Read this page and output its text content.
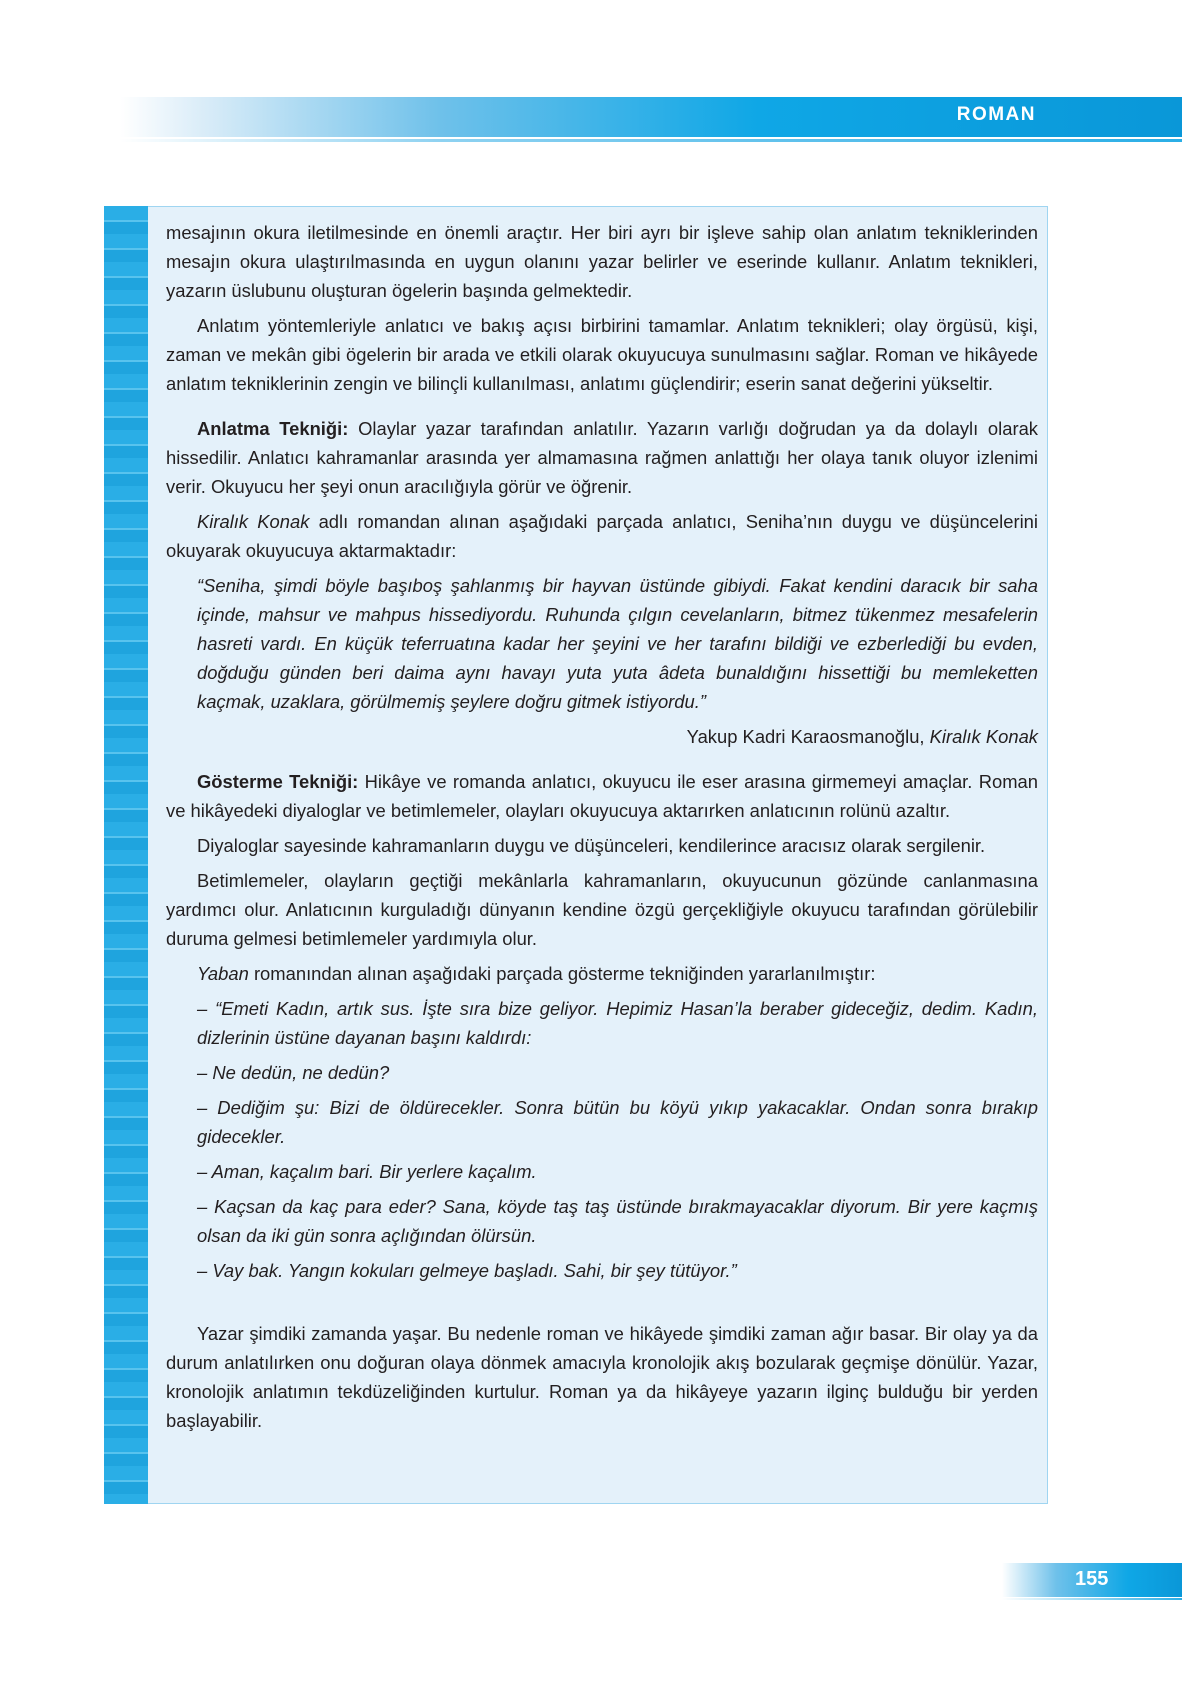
ROMAN

mesajının okura iletilmesinde en önemli araçtır. Her biri ayrı bir işleve sahip olan anlatım tekniklerinden mesajın okura ulaştırılmasında en uygun olanını yazar belirler ve eserinde kullanır. Anlatım teknikleri, yazarın üslubunu oluşturan ögelerin başında gelmektedir.

Anlatım yöntemleriyle anlatıcı ve bakış açısı birbirini tamamlar. Anlatım teknikleri; olay örgüsü, kişi, zaman ve mekân gibi ögelerin bir arada ve etkili olarak okuyucuya sunulmasını sağlar. Roman ve hikâyede anlatım tekniklerinin zengin ve bilinçli kullanılması, anlatımı güçlendirir; eserin sanat değerini yükseltir.

Anlatma Tekniği: Olaylar yazar tarafından anlatılır. Yazarın varlığı doğrudan ya da dolaylı olarak hissedilir. Anlatıcı kahramanlar arasında yer almamasına rağmen anlattığı her olaya tanık oluyor izlenimi verir. Okuyucu her şeyi onun aracılığıyla görür ve öğrenir.

Kiralık Konak adlı romandan alınan aşağıdaki parçada anlatıcı, Seniha’nın duygu ve düşüncelerini okuyarak okuyucuya aktarmaktadır:

“Seniha, şimdi böyle başıboş şahlanmış bir hayvan üstünde gibiydi. Fakat kendini daracık bir saha içinde, mahsur ve mahpus hissediyordu. Ruhunda çılgın cevelanların, bitmez tükenmez mesafelerin hasreti vardı. En küçük teferruatına kadar her şeyini ve her tarafını bildiği ve ezberlediği bu evden, doğduğu günden beri daima aynı havayı yuta yuta âdeta bunaldığını hissettiği bu memleketten kaçmak, uzaklara, görülmemiş şeylere doğru gitmek istiyordu.”

Yakup Kadri Karaosmanoğlu, Kiralık Konak

Gösterme Tekniği: Hikâye ve romanda anlatıcı, okuyucu ile eser arasına girmemeyi amaçlar. Roman ve hikâyedeki diyaloglar ve betimlemeler, olayları okuyucuya aktarırken anlatıcının rolünü azaltır.

Diyaloglar sayesinde kahramanların duygu ve düşünceleri, kendilerince aracısız olarak sergilenir.

Betimlemeler, olayların geçtiği mekânlarla kahramanların, okuyucunun gözünde canlanmasına yardımcı olur. Anlatıcının kurguladığı dünyanın kendine özgü gerçekliğiyle okuyucu tarafından görülebilir duruma gelmesi betimlemeler yardımıyla olur.

Yaban romanından alınan aşağıdaki parçada gösterme tekniğinden yararlanılmıştır:

– “Emeti Kadın, artık sus. İşte sıra bize geliyor. Hepimiz Hasan’la beraber gideceğiz, dedim. Kadın, dizlerinin üstüne dayanan başını kaldırdı:

– Ne dedün, ne dedün?

– Dediğim şu: Bizi de öldürecekler. Sonra bütün bu köyü yıkıp yakacaklar. Ondan sonra bırakıp gidecekler.

– Aman, kaçalım bari. Bir yerlere kaçalım.

– Kaçsan da kaç para eder? Sana, köyde taş taş üstünde bırakmayacaklar diyorum. Bir yere kaçmış olsan da iki gün sonra açlığından ölürsün.

– Vay bak. Yangın kokuları gelmeye başladı. Sahi, bir şey tütüyor.”

Yazar şimdiki zamanda yaşar. Bu nedenle roman ve hikâyede şimdiki zaman ağır basar. Bir olay ya da durum anlatılırken onu doğuran olaya dönmek amacıyla kronolojik akış bozularak geçmişe dönülür. Yazar, kronolojik anlatımın tekdüzeliğinden kurtulur. Roman ya da hikâyeye yazarın ilginç bulduğu bir yerden başlayabilir.

155
